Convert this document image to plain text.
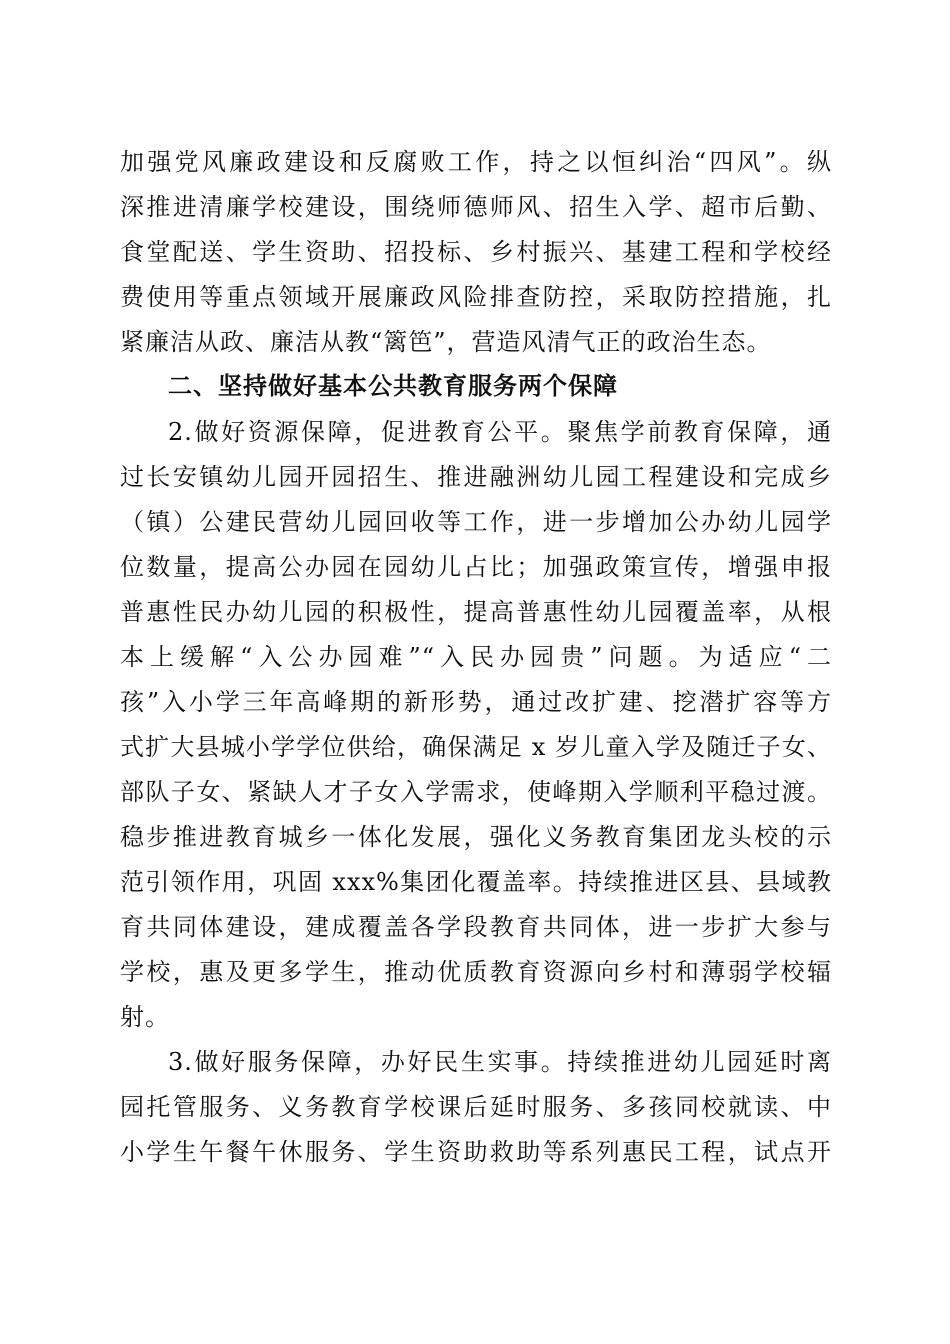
加强党风廉政建设和反腐败工作，持之以恒纠治“四风”。纵
深推进清廉学校建设，围绕师德师风、招生入学、超市后勤、
食堂配送、学生资助、招投标、乡村振兴、基建工程和学校经
费使用等重点领域开展廉政风险排查防控，采取防控措施，扎
紧廉洁从政、廉洁从教“篱笆”，营造风清气正的政治生态。
二、坚持做好基本公共教育服务两个保障
2.做好资源保障，促进教育公平。聚焦学前教育保障，通
过长安镇幼儿园开园招生、推进融洲幼儿园工程建设和完成乡
（镇）公建民营幼儿园回收等工作，进一步增加公办幼儿园学
位数量，提高公办园在园幼儿占比；加强政策宣传，增强申报
普惠性民办幼儿园的积极性，提高普惠性幼儿园覆盖率，从根
本上缓解“入公办园难”“入民办园贵”问题。为适应“二
孩”入小学三年高峰期的新形势，通过改扩建、挖潜扩容等方
式扩大县城小学学位供给，确保满足 x 岁儿童入学及随迁子女、
部队子女、紧缺人才子女入学需求，使峰期入学顺利平稳过渡。
稳步推进教育城乡一体化发展，强化义务教育集团龙头校的示
范引领作用，巩固 xxx%集团化覆盖率。持续推进区县、县域教
育共同体建设，建成覆盖各学段教育共同体，进一步扩大参与
学校，惠及更多学生，推动优质教育资源向乡村和薄弱学校辐
射。
3.做好服务保障，办好民生实事。持续推进幼儿园延时离
园托管服务、义务教育学校课后延时服务、多孩同校就读、中
小学生午餐午休服务、学生资助救助等系列惠民工程，试点开
